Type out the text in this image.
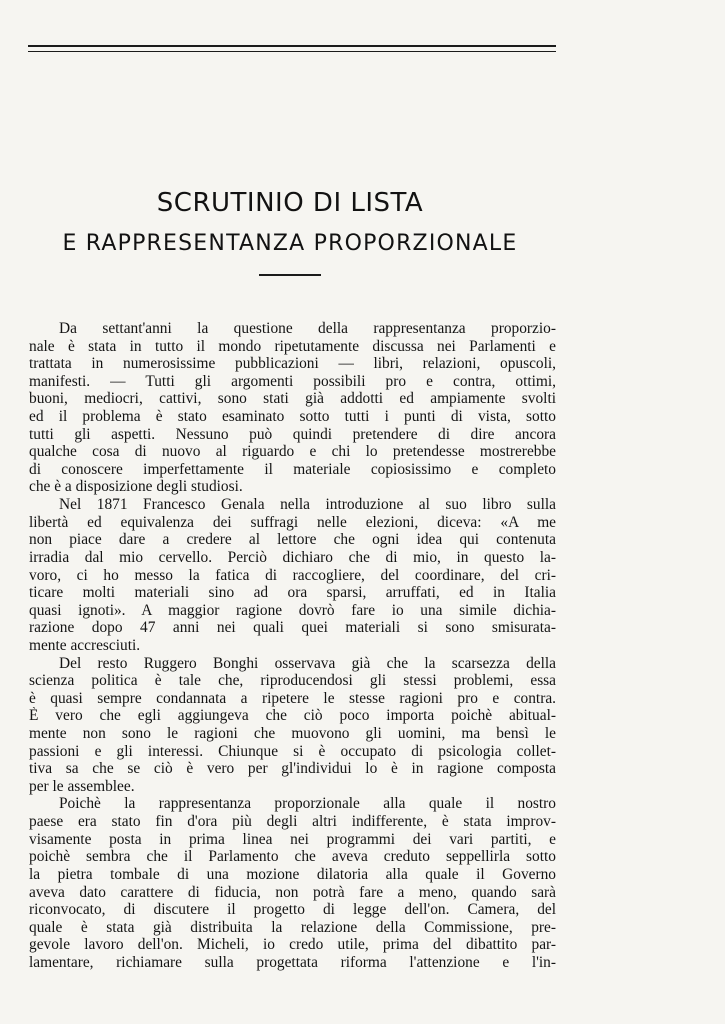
SCRUTINIO DI LISTA
E RAPPRESENTANZA PROPORZIONALE
Da settant'anni la questione della rappresentanza proporzio-
nale è stata in tutto il mondo ripetutamente discussa nei Parlamenti e
trattata in numerosissime pubblicazioni — libri, relazioni, opuscoli,
manifesti. — Tutti gli argomenti possibili pro e contra, ottimi,
buoni, mediocri, cattivi, sono stati già addotti ed ampiamente svolti
ed il problema è stato esaminato sotto tutti i punti di vista, sotto
tutti gli aspetti. Nessuno può quindi pretendere di dire ancora
qualche cosa di nuovo al riguardo e chi lo pretendesse mostrerebbe
di conoscere imperfettamente il materiale copiosissimo e completo
che è a disposizione degli studiosi.
Nel 1871 Francesco Genala nella introduzione al suo libro sulla
libertà ed equivalenza dei suffragi nelle elezioni, diceva: «A me
non piace dare a credere al lettore che ogni idea qui contenuta
irradia dal mio cervello. Perciò dichiaro che di mio, in questo la-
voro, ci ho messo la fatica di raccogliere, del coordinare, del cri-
ticare molti materiali sino ad ora sparsi, arruffati, ed in Italia
quasi ignoti». A maggior ragione dovrò fare io una simile dichia-
razione dopo 47 anni nei quali quei materiali si sono smisurata-
mente accresciuti.
Del resto Ruggero Bonghi osservava già che la scarsezza della
scienza politica è tale che, riproducendosi gli stessi problemi, essa
è quasi sempre condannata a ripetere le stesse ragioni pro e contra.
È vero che egli aggiungeva che ciò poco importa poichè abitual-
mente non sono le ragioni che muovono gli uomini, ma bensì le
passioni e gli interessi. Chiunque si è occupato di psicologia collet-
tiva sa che se ciò è vero per gl'individui lo è in ragione composta
per le assemblee.
Poichè la rappresentanza proporzionale alla quale il nostro
paese era stato fin d'ora più degli altri indifferente, è stata improv-
visamente posta in prima linea nei programmi dei vari partiti, e
poichè sembra che il Parlamento che aveva creduto seppellirla sotto
la pietra tombale di una mozione dilatoria alla quale il Governo
aveva dato carattere di fiducia, non potrà fare a meno, quando sarà
riconvocato, di discutere il progetto di legge dell'on. Camera, del
quale è stata già distribuita la relazione della Commissione, pre-
gevole lavoro dell'on. Micheli, io credo utile, prima del dibattito par-
lamentare, richiamare sulla progettata riforma l'attenzione e l'in-
